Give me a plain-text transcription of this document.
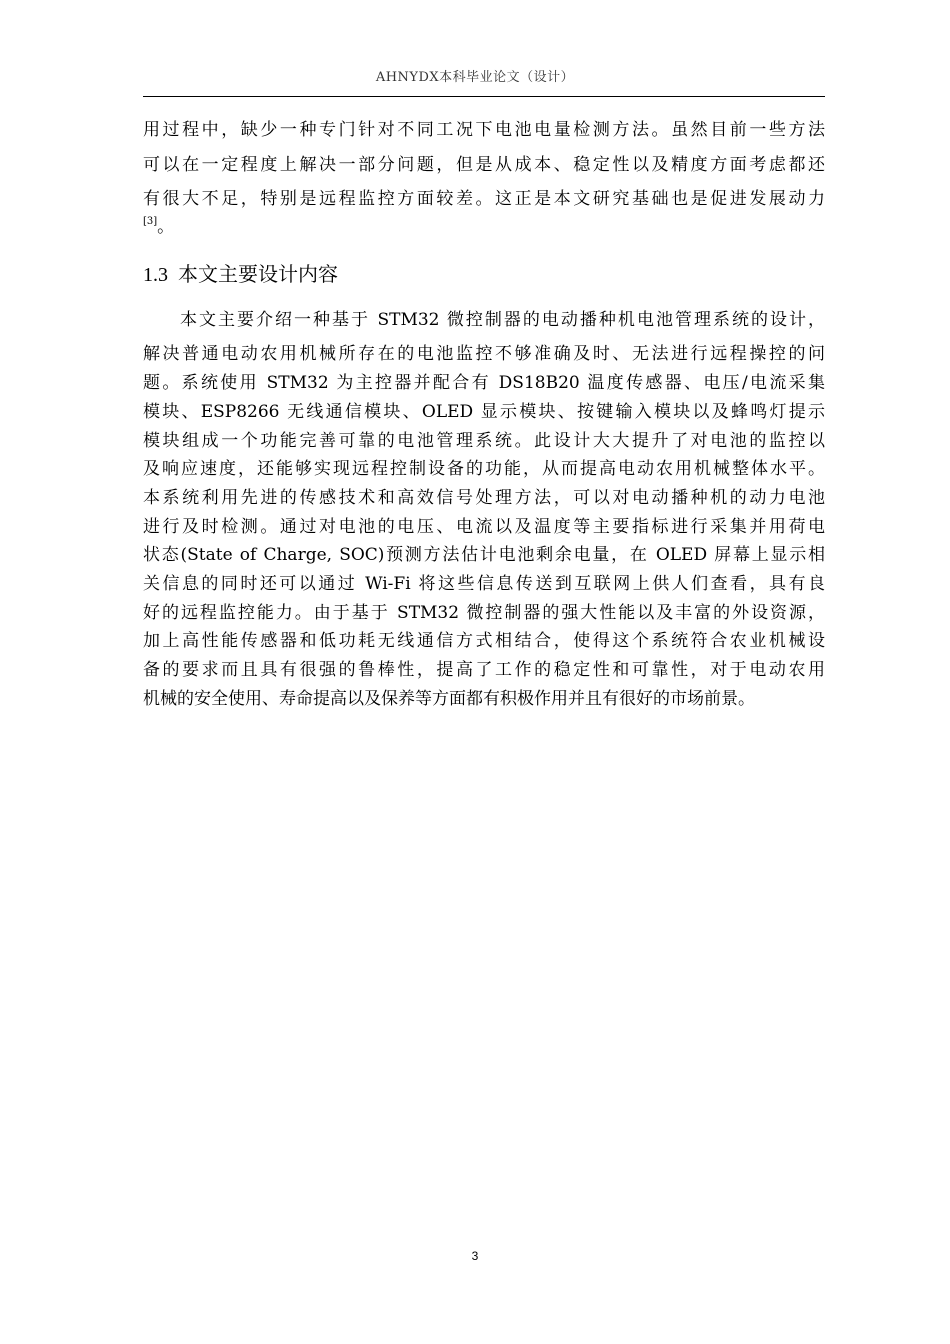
AHNYDX本科毕业论文（设计）
用过程中，缺少一种专门针对不同工况下电池电量检测方法。虽然目前一些方法
可以在一定程度上解决一部分问题，但是从成本、稳定性以及精度方面考虑都还
有很大不足，特别是远程监控方面较差。这正是本文研究基础也是促进发展动力
[3]。
1.3 本文主要设计内容
本文主要介绍一种基于 STM32 微控制器的电动播种机电池管理系统的设计，
解决普通电动农用机械所存在的电池监控不够准确及时、无法进行远程操控的问
题。系统使用 STM32 为主控器并配合有 DS18B20 温度传感器、电压/电流采集
模块、ESP8266 无线通信模块、OLED 显示模块、按键输入模块以及蜂鸣灯提示
模块组成一个功能完善可靠的电池管理系统。此设计大大提升了对电池的监控以
及响应速度，还能够实现远程控制设备的功能，从而提高电动农用机械整体水平。
本系统利用先进的传感技术和高效信号处理方法，可以对电动播种机的动力电池
进行及时检测。通过对电池的电压、电流以及温度等主要指标进行采集并用荷电
状态(State of Charge, SOC)预测方法估计电池剩余电量，在 OLED 屏幕上显示相
关信息的同时还可以通过 Wi-Fi 将这些信息传送到互联网上供人们查看，具有良
好的远程监控能力。由于基于 STM32 微控制器的强大性能以及丰富的外设资源，
加上高性能传感器和低功耗无线通信方式相结合，使得这个系统符合农业机械设
备的要求而且具有很强的鲁棒性，提高了工作的稳定性和可靠性，对于电动农用
机械的安全使用、寿命提高以及保养等方面都有积极作用并且有很好的市场前景。
3
